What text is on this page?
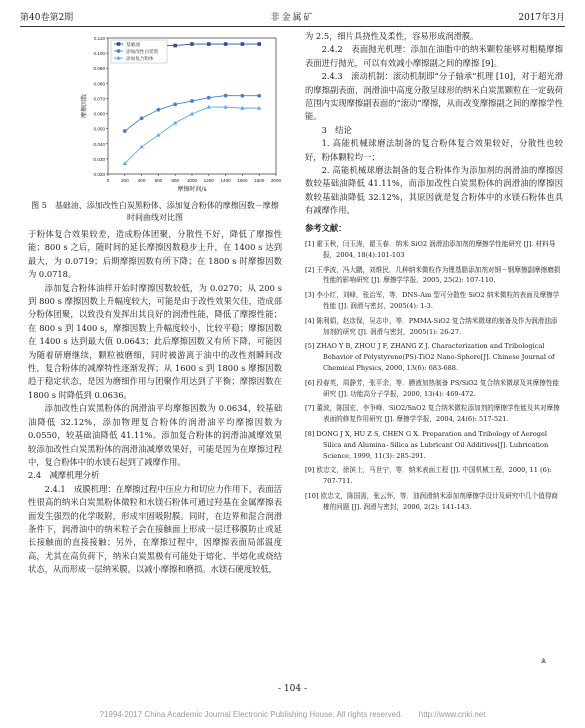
第40卷第2期	非金属矿	2017年3月
0.020
0.030
0.040
0.050
0.060
0.070
0.080
0.090
0.100
0.110
0	200 400 600 800 1000 1200 1400 1600 1800 2000
摩擦时间/s
摩擦因数
基础油
添加改性白炭黑
添加复合粉体
图 5 基础油、添加改性白炭黑粉体、添加复合粉体的摩擦因数－摩擦时间曲线对比图

于粉体复合效果较差，造成粉体团聚，分散性不好，降低了摩擦性能；800 s 之后，随时间的延长摩擦因数稳步上升，在 1400 s 达到最大，为 0.0719；后期摩擦因数有所下降；在 1800 s 时摩擦因数为 0.0718。

添加复合粉体油样开始时摩擦因数较低，为 0.0270；从 200 s 到 800 s 摩擦因数上升幅度较大，可能是由于改性效果欠佳，造成部分粉体团聚，以致没有发挥出其良好的润滑性能，降低了摩擦性能；在 800 s 到 1400 s，摩擦因数上升幅度较小，比较平稳；摩擦因数在 1400 s 达到最大值 0.0643；此后摩擦因数又有所下降，可能因为随着研磨继续，颗粒被磨细，同时被游离于油中的改性剂瞬间改性，复合粉体的减摩特性逐渐发挥；从 1600 s 到 1800 s 摩擦因数趋于稳定状态，是因为磨细作用与团聚作用达到了平衡；摩擦因数在 1800 s 时降低到 0.0636。

添加改性白炭黑粉体的润滑油平均摩擦因数为 0.0634，较基础油降低 32.12%，添加物理复合粉体的润滑油平均摩擦因数为 0.0550，较基础油降低 41.11%。添加复合粉体的润滑油减摩效果较添加改性白炭黑粉体的润滑油减摩效果好，可能是因为在摩擦过程中，复合粉体中的水镁石起到了减摩作用。

2.4　减摩机理分析

2.4.1　成膜机理：在摩擦过程中压应力和切应力作用下，表面活性很高的纳米白炭黑粉体微粒和水镁石粉体可通过羟基在金属摩擦表面发生强烈的化学吸附，形成牢固吸附膜。同时，在边界和混合润滑条件下，润滑油中的纳米粒子会在接触面上形成一层迁移膜防止或延长接触面的直接接触；另外，在摩擦过程中，因摩擦表面局部温度高，尤其在高负荷下，纳米白炭黑极有可能处于熔化、半熔化或烧结状态，从而形成一层纳米膜，以减小摩擦和磨损。水镁石硬度较低，

为 2.5，细片具挠性及柔性，容易形成润滑膜。

2.4.2　表面抛光机理：添加在油脂中的纳米颗粒能够对粗糙摩擦表面进行抛光，可以有效减小摩擦副之间的摩擦 [9]。

2.4.3　滚动机制：滚动机制即“分子轴承”机理 [10]，对于超光滑的摩擦副表面，润滑油中高度分散呈球形的纳米白炭黑颗粒在一定载荷范围内实现摩擦副表面的“滚动”摩擦，从而改变摩擦副之间的摩擦学性能。

3　结论

1. 高能机械球磨法制备的复合粉体复合效果较好，分散性也较好，粉体颗粒均一；

2. 高能机械球磨法制备的复合粉体作为添加剂的润滑油的摩擦因数较基础油降低 41.11%，而添加改性白炭黑粉体的润滑油的摩擦因数较基础油降低 32.12%，其原因就是复合粉体中的水镁石粉体也具有减摩作用。

参考文献：
[1] 霍玉秋，闫玉涛，翟玉春．纳米 SiO2 润滑油添加剂的摩擦学性能研究 [J]. 材料导报，2004, 18(4):101-103
[2] 王季波，冯大鹏，刘维民．几种纳米微粒作为锂基脂添加剂对钢－钢摩擦副摩擦磨损性能的影响研究 [J]. 摩擦学学报，2005, 25(2): 107-110.
[3] 李小红，刘峰，张治军，等．DNS-Am 型可分散性 SiO2 纳米微粒的表面及摩擦学性能 [J]. 润滑与密封，2005(4): 1-3.
[4] 陈利娟，赵彦保，吴志申，等．PMMA-SiO2 复合纳米微球的制备及作为润滑油添加剂的研究 [J]. 润滑与密封，2005(1): 26-27.
[5] ZHAO Y B, ZHOU J F, ZHANG Z J. Characterization and Tribological Behavior of Polystyrene(PS)-TiO2 Nano-Sphere[J]. Chinese Journal of Chemical Physics, 2000, 13(6): 683-688.
[6] 段春英，周静芳，张平余，等．膜液加热制备 PS/SiO2 复合纳米微球及其摩擦性能研究 [J]. 功能高分子学报，2000, 13(4): 469-472.
[7] 董波，陈国宏，李争峰．SiO2/SnO2 复合纳米微粒添加剂的摩擦学性能及其对摩擦表面的修复作用研究 [J]. 摩擦学学报，2004, 24(6): 517-521.
[8] DONG J X, HU Z S, CHEN G X. Preparation and Tribology of Aerogel Silica and Alumina- Silica as Lubricant Oil Additives[J]. Lubrication Science, 1999, 11(3): 285-291.
[9] 欧忠文，徐滨士，马世宁，等．纳米表面工程 [J]. 中国机械工程，2000, 11 (6): 707-711.
[10] 欧忠文，陈国需，张云怀，等．油润滑纳米添加剂摩擦学设计及研究中几个值得商榷的问题 [J]. 润滑与密封，2006, 2(2): 141-143.
⩓
- 104 -
?1994-2017 China Academic Journal Electronic Publishing House. All rights reserved.　　http://www.cnki.net
